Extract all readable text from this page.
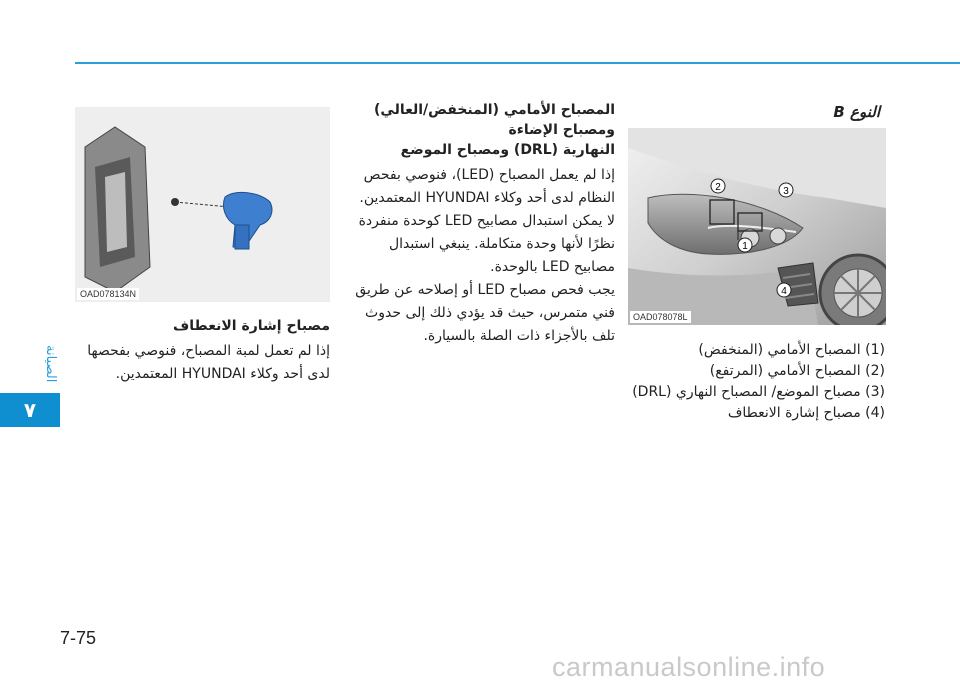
الصيانة
٧
7-75
النوع B
2	3
1
4
OAD078078L
(1) المصباح الأمامي (المنخفض)
(2) المصباح الأمامي (المرتفع)
(3) مصباح الموضع/ المصباح النهاري (DRL)
(4) مصباح إشارة الانعطاف

المصباح الأمامي (المنخفض/العالي) ومصباح الإضاءة

النهارية (DRL) ومصباح الموضع

إذا لم يعمل المصباح (LED)، فنوصي بفحص النظام لدى أحد وكلاء HYUNDAI المعتمدين. لا يمكن استبدال مصابيح LED كوحدة منفردة نظرًا لأنها وحدة متكاملة. ينبغي استبدال مصابيح LED بالوحدة.

يجب فحص مصباح LED أو إصلاحه عن طريق فني متمرس، حيث قد يؤدي ذلك إلى حدوث تلف بالأجزاء ذات الصلة بالسيارة.

OAD078134N

مصباح إشارة الانعطاف

إذا لم تعمل لمبة المصباح، فنوصي بفحصها لدى أحد وكلاء HYUNDAI المعتمدين.

carmanualsonline.info
